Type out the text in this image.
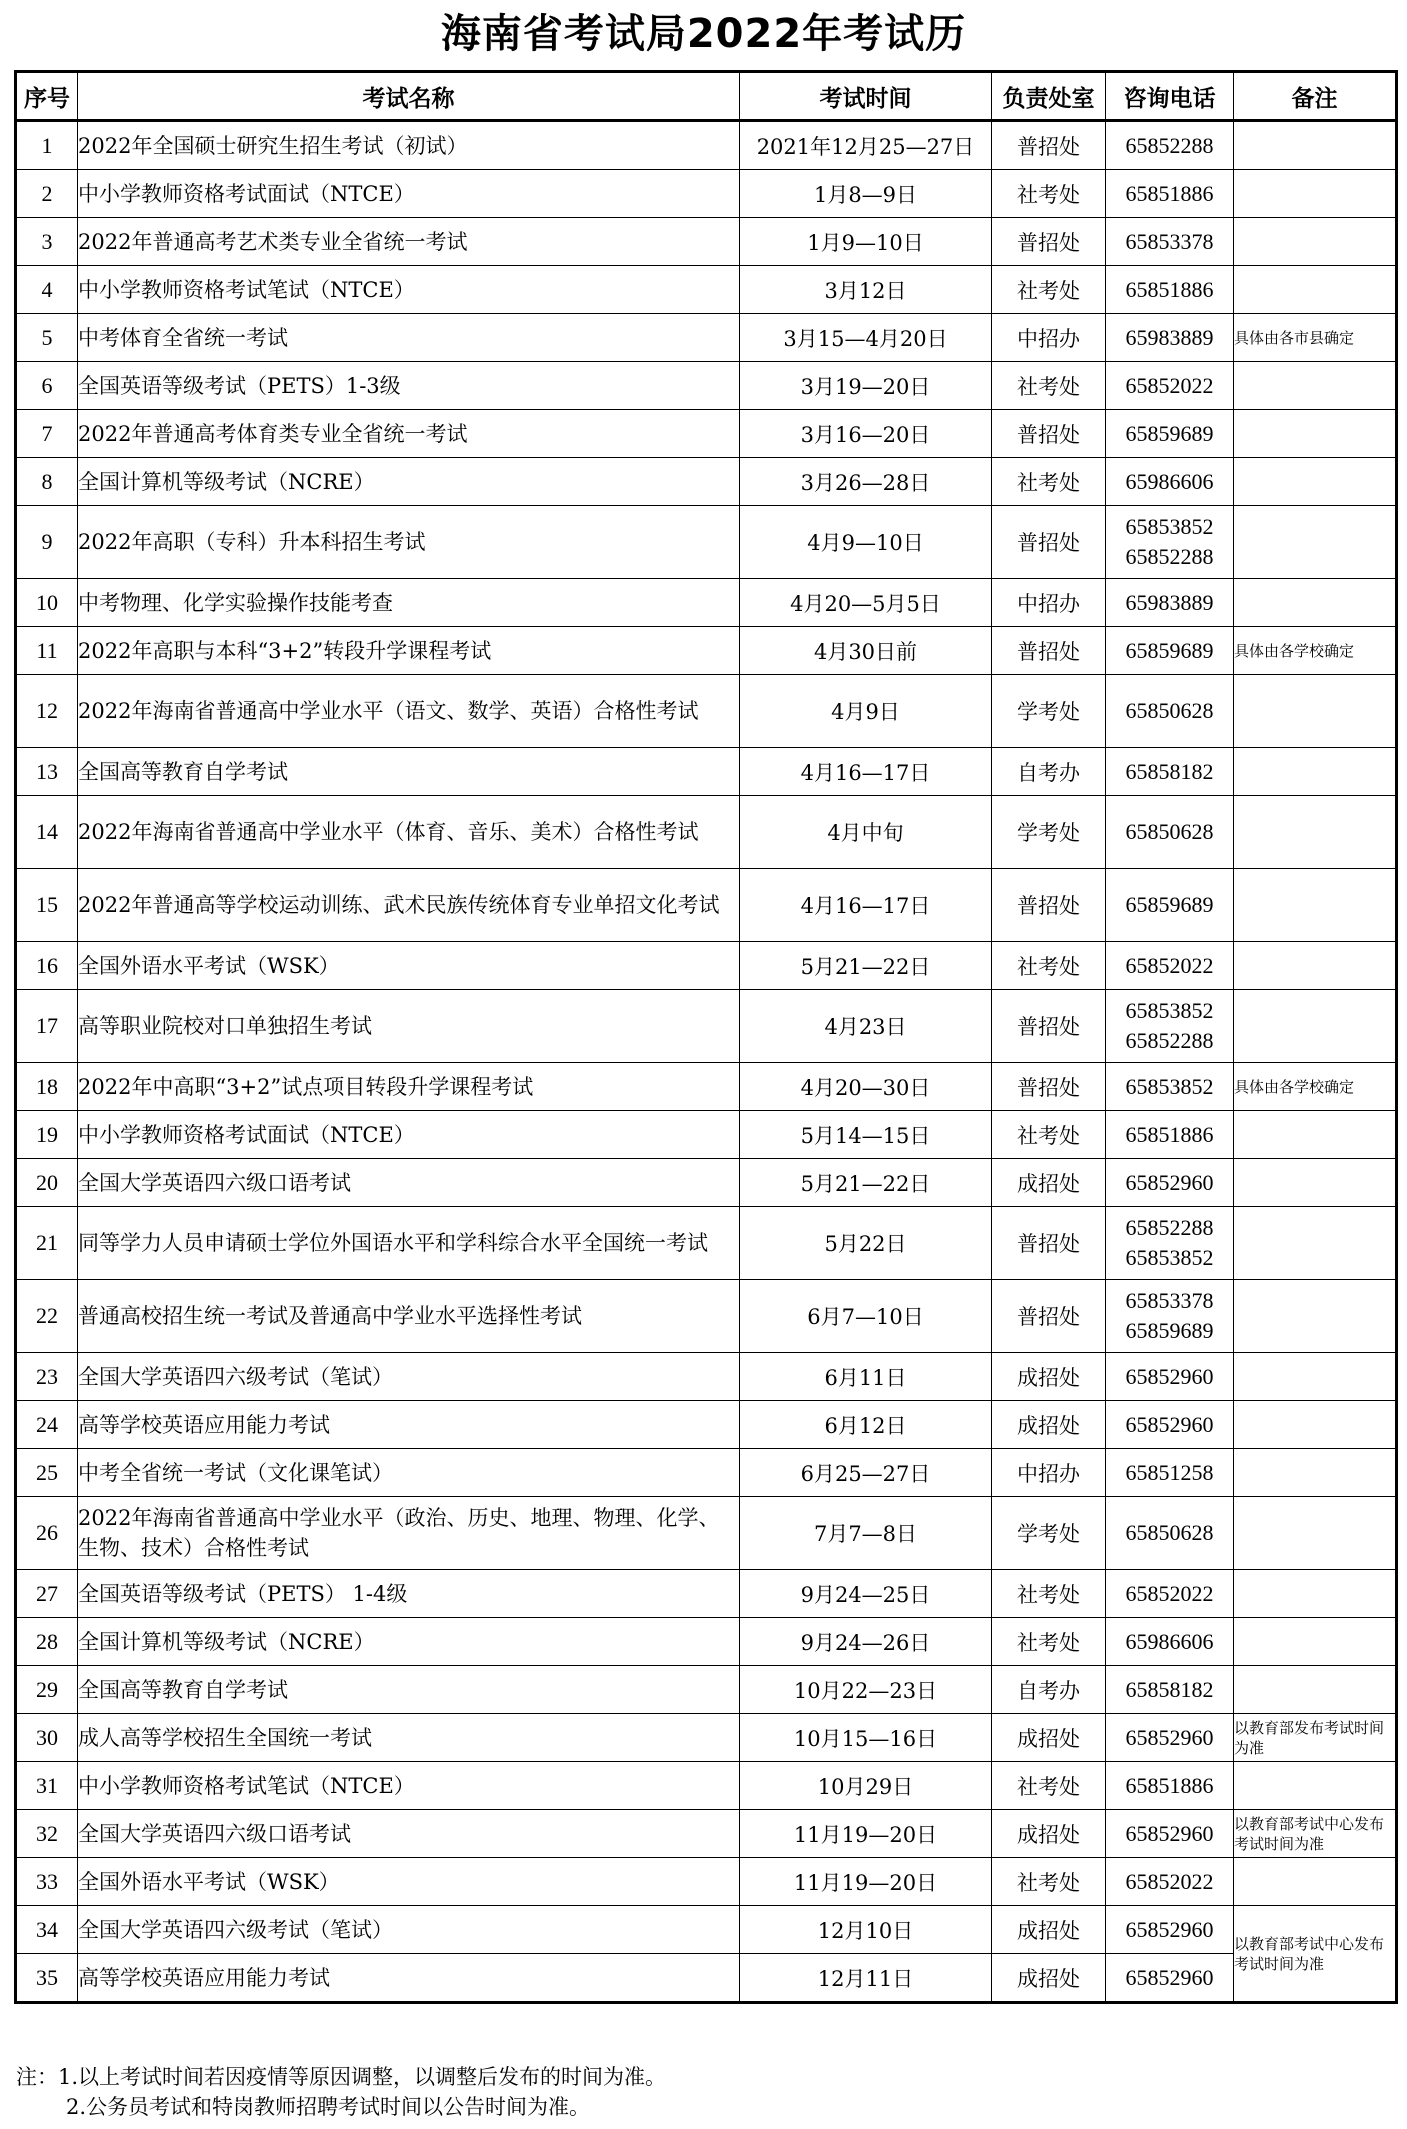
海南省考试局2022年考试历
序号	考试名称	考试时间	负责处室	咨询电话	备注
1	2022年全国硕士研究生招生考试（初试）	2021年12月25—27日	普招处	65852288	

2	中小学教师资格考试面试（NTCE）	1月8—9日	社考处	65851886	

3	2022年普通高考艺术类专业全省统一考试	1月9—10日	普招处	65853378	

4	中小学教师资格考试笔试（NTCE）	3月12日	社考处	65851886	

5	中考体育全省统一考试	3月15—4月20日	中招办	65983889	具体由各市县确定
6	全国英语等级考试（PETS）1-3级	3月19—20日	社考处	65852022	

7	2022年普通高考体育类专业全省统一考试	3月16—20日	普招处	65859689	

8	全国计算机等级考试（NCRE）	3月26—28日	社考处	65986606	

9	2022年高职（专科）升本科招生考试	4月9—10日	普招处	65853852
65852288	

10	中考物理、化学实验操作技能考查	4月20—5月5日	中招办	65983889	

11	2022年高职与本科“3+2”转段升学课程考试	4月30日前	普招处	65859689	具体由各学校确定
12	2022年海南省普通高中学业水平（语文、数学、英语）合格性考试	4月9日	学考处	65850628	

13	全国高等教育自学考试	4月16—17日	自考办	65858182	

14	2022年海南省普通高中学业水平（体育、音乐、美术）合格性考试	4月中旬	学考处	65850628	

15	2022年普通高等学校运动训练、武术民族传统体育专业单招文化考试	4月16—17日	普招处	65859689	

16	全国外语水平考试（WSK）	5月21—22日	社考处	65852022	

17	高等职业院校对口单独招生考试	4月23日	普招处	65853852
65852288	

18	2022年中高职“3+2”试点项目转段升学课程考试	4月20—30日	普招处	65853852	具体由各学校确定
19	中小学教师资格考试面试（NTCE）	5月14—15日	社考处	65851886	

20	全国大学英语四六级口语考试	5月21—22日	成招处	65852960	

21	同等学力人员申请硕士学位外国语水平和学科综合水平全国统一考试	5月22日	普招处	65852288
65853852	

22	普通高校招生统一考试及普通高中学业水平选择性考试	6月7—10日	普招处	65853378
65859689	

23	全国大学英语四六级考试（笔试）	6月11日	成招处	65852960	

24	高等学校英语应用能力考试	6月12日	成招处	65852960	

25	中考全省统一考试（文化课笔试）	6月25—27日	中招办	65851258	

26	2022年海南省普通高中学业水平（政治、历史、地理、物理、化学、生物、技术）合格性考试	7月7—8日	学考处	65850628	

27	全国英语等级考试（PETS） 1-4级	9月24—25日	社考处	65852022	

28	全国计算机等级考试（NCRE）	9月24—26日	社考处	65986606	

29	全国高等教育自学考试	10月22—23日	自考办	65858182	

30	成人高等学校招生全国统一考试	10月15—16日	成招处	65852960	以教育部发布考试时间为准
31	中小学教师资格考试笔试（NTCE）	10月29日	社考处	65851886	

32	全国大学英语四六级口语考试	11月19—20日	成招处	65852960	以教育部考试中心发布考试时间为准
33	全国外语水平考试（WSK）	11月19—20日	社考处	65852022	

34	全国大学英语四六级考试（笔试）	12月10日	成招处	65852960	以教育部考试中心发布考试时间为准
35	高等学校英语应用能力考试	12月11日	成招处	65852960	
注：1.以上考试时间若因疫情等原因调整，以调整后发布的时间为准。
2.公务员考试和特岗教师招聘考试时间以公告时间为准。
